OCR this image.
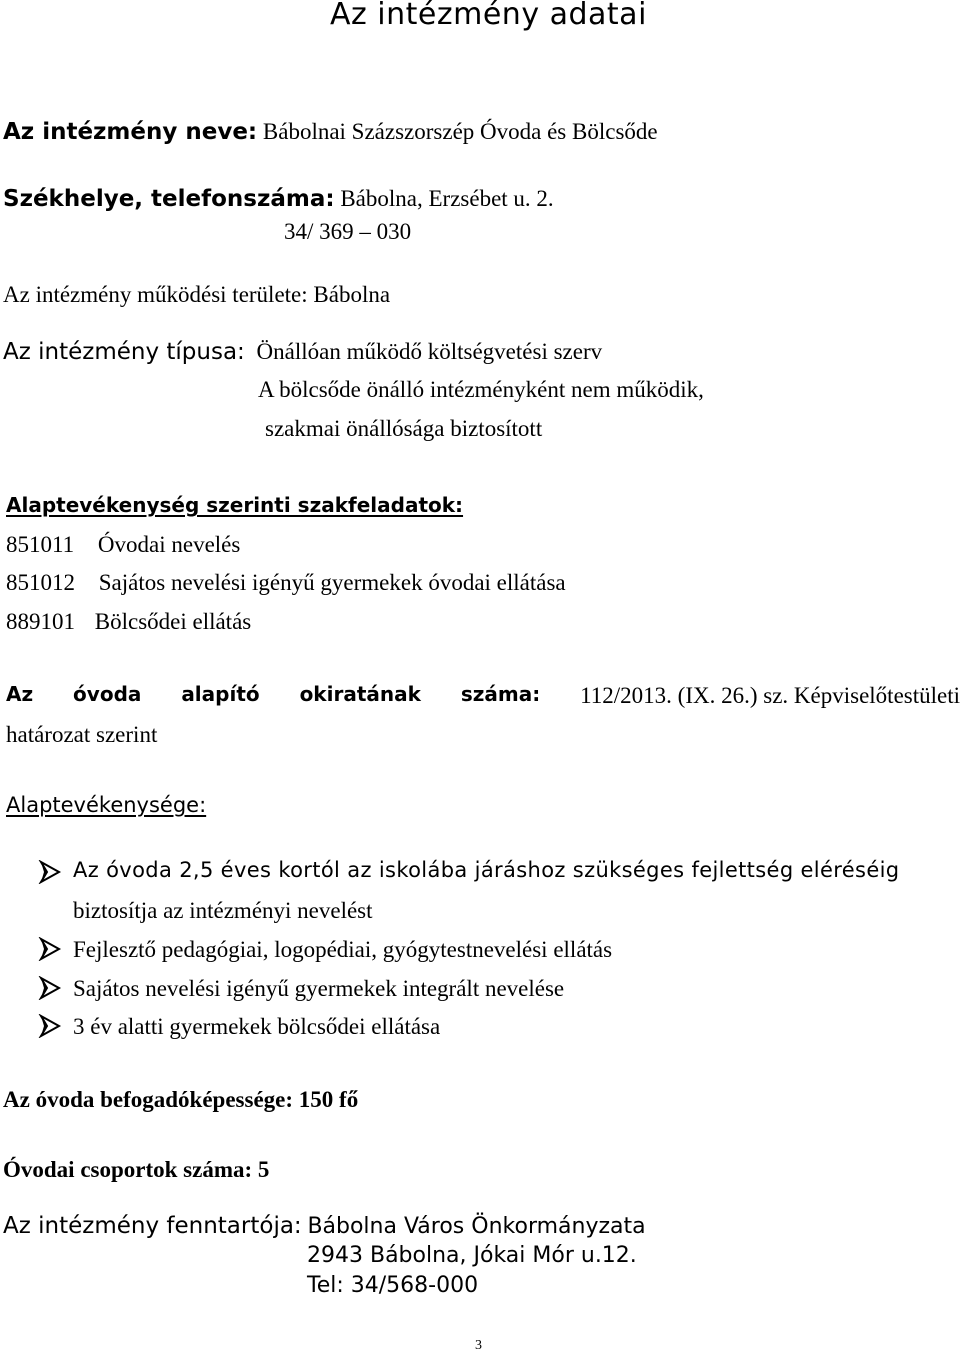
Az intézmény adatai
Az intézmény neve: Bábolnai Százszorszép Óvoda és Bölcsőde
Székhelye, telefonszáma: Bábolna, Erzsébet u. 2.
34/ 369 – 030
Az intézmény működési területe: Bábolna
Az intézmény típusa: Önállóan működő költségvetési szerv
A bölcsőde önálló intézményként nem működik,
szakmai önállósága biztosított
Alaptevékenység szerinti szakfeladatok:
851011 Óvodai nevelés
851012 Sajátos nevelési igényű gyermekek óvodai ellátása
889101 Bölcsődei ellátás
Az óvoda alapító okiratának száma: 112/2013. (IX. 26.) sz. Képviselőtestületi
határozat szerint
Alaptevékenysége:
Az óvoda 2,5 éves kortól az iskolába járáshoz szükséges fejlettség eléréséig
biztosítja az intézményi nevelést
Fejlesztő pedagógiai, logopédiai, gyógytestnevelési ellátás
Sajátos nevelési igényű gyermekek integrált nevelése
3 év alatti gyermekek bölcsődei ellátása
Az óvoda befogadóképessége: 150 fő
Óvodai csoportok száma: 5
Az intézmény fenntartója: Bábolna Város Önkormányzata
2943 Bábolna, Jókai Mór u.12.
Tel: 34/568-000
3
